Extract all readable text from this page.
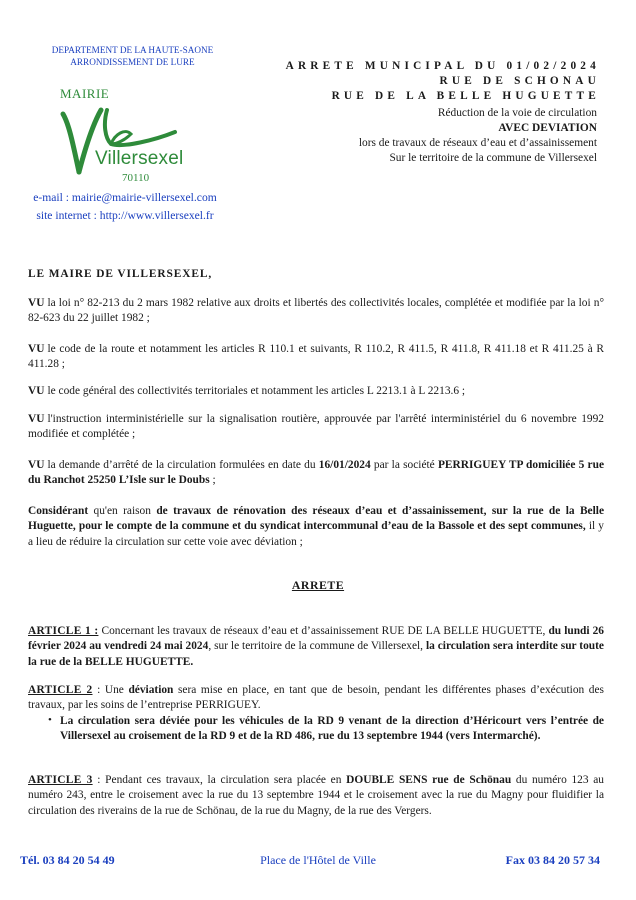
DEPARTEMENT DE LA HAUTE-SAONE
ARRONDISSEMENT DE LURE
MAIRIE
Villersexel
70110
e-mail : mairie@mairie-villersexel.com
site internet : http://www.villersexel.fr
ARRETE MUNICIPAL DU 01/02/2024
RUE DE SCHONAU
RUE DE LA BELLE HUGUETTE
Réduction de la voie de circulation
AVEC DEVIATION
lors de travaux de réseaux d’eau et d’assainissement
Sur le territoire de la commune de Villersexel
LE MAIRE DE VILLERSEXEL,
VU la loi n° 82-213 du 2 mars 1982 relative aux droits et libertés des collectivités locales, complétée et modifiée par la loi n° 82-623 du 22 juillet 1982 ;
VU le code de la route et notamment les articles R 110.1 et suivants, R 110.2, R 411.5, R 411.8, R 411.18 et R 411.25 à R 411.28 ;
VU le code général des collectivités territoriales et notamment les articles L 2213.1 à L 2213.6 ;
VU l'instruction interministérielle sur la signalisation routière, approuvée par l'arrêté interministériel du 6 novembre 1992 modifiée et complétée ;
VU la demande d’arrêté de la circulation formulées en date du 16/01/2024 par la société PERRIGUEY TP domiciliée 5 rue du Ranchot 25250 L’Isle sur le Doubs ;
Considérant qu'en raison de travaux de rénovation des réseaux d’eau et d’assainissement, sur la rue de la Belle Huguette, pour le compte de la commune et du syndicat intercommunal d’eau de la Bassole et des sept communes, il y a lieu de réduire la circulation sur cette voie avec déviation ;
ARRETE
ARTICLE 1 : Concernant les travaux de réseaux d’eau et d’assainissement RUE DE LA BELLE HUGUETTE, du lundi 26 février 2024 au vendredi 24 mai 2024, sur le territoire de la commune de Villersexel, la circulation sera interdite sur toute la rue de la BELLE HUGUETTE.
ARTICLE 2 : Une déviation sera mise en place, en tant que de besoin, pendant les différentes phases d’exécution des travaux, par les soins de l’entreprise PERRIGUEY.
• La circulation sera déviée pour les véhicules de la RD 9 venant de la direction d’Héricourt vers l’entrée de Villersexel au croisement de la RD 9 et de la RD 486, rue du 13 septembre 1944 (vers Intermarché).
ARTICLE 3 : Pendant ces travaux, la circulation sera placée en DOUBLE SENS rue de Schönau du numéro 123 au numéro 243, entre le croisement avec la rue du 13 septembre 1944 et le croisement avec la rue du Magny pour fluidifier la circulation des riverains de la rue de Schönau, de la rue du Magny, de la rue des Vergers.
Tél. 03 84 20 54 49	Place de l'Hôtel de Ville	Fax 03 84 20 57 34
